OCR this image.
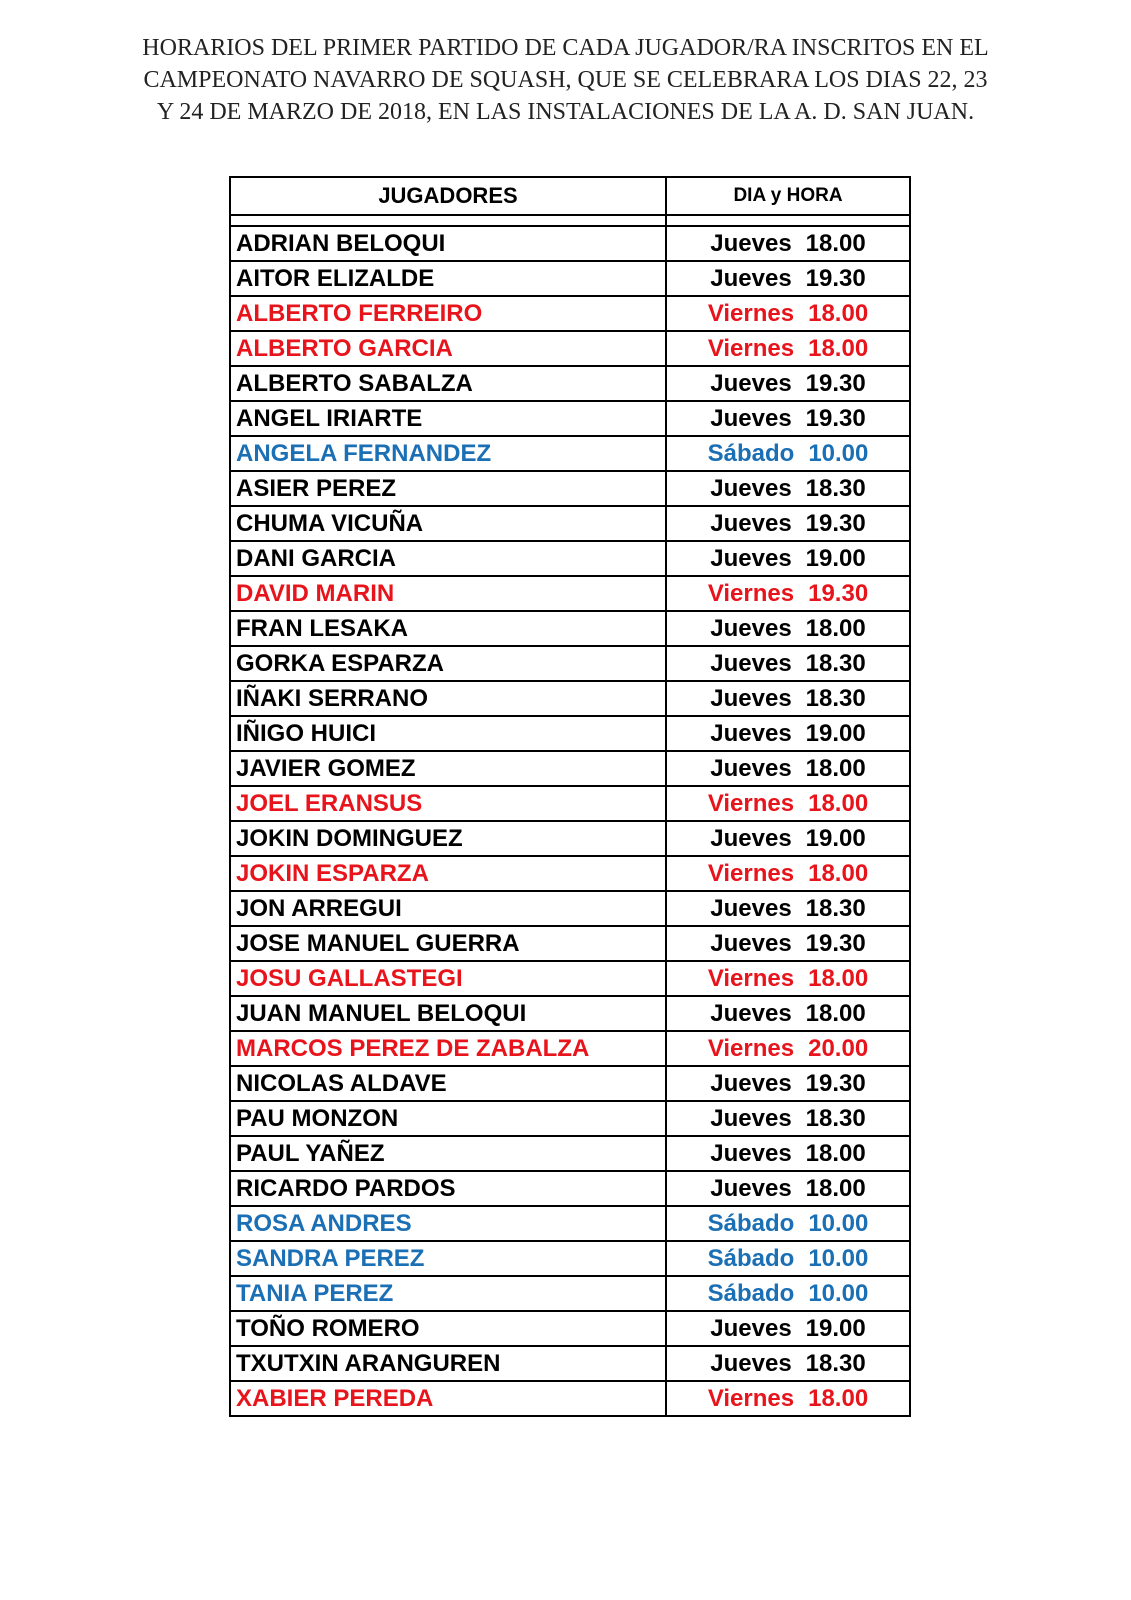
HORARIOS DEL PRIMER PARTIDO DE CADA JUGADOR/RA INSCRITOS EN EL
CAMPEONATO NAVARRO DE SQUASH, QUE SE CELEBRARA LOS DIAS 22, 23
Y 24 DE MARZO DE 2018, EN LAS INSTALACIONES DE LA A. D. SAN JUAN.
JUGADORES	DIA y HORA

ADRIAN BELOQUI	Jueves 18.00
AITOR ELIZALDE	Jueves 19.30
ALBERTO FERREIRO	Viernes 18.00
ALBERTO GARCIA	Viernes 18.00
ALBERTO SABALZA	Jueves 19.30
ANGEL IRIARTE	Jueves 19.30
ANGELA FERNANDEZ	Sábado 10.00
ASIER PEREZ	Jueves 18.30
CHUMA VICUÑA	Jueves 19.30
DANI GARCIA	Jueves 19.00
DAVID MARIN	Viernes 19.30
FRAN LESAKA	Jueves 18.00
GORKA ESPARZA	Jueves 18.30
IÑAKI SERRANO	Jueves 18.30
IÑIGO HUICI	Jueves 19.00
JAVIER GOMEZ	Jueves 18.00
JOEL ERANSUS	Viernes 18.00
JOKIN DOMINGUEZ	Jueves 19.00
JOKIN ESPARZA	Viernes 18.00
JON ARREGUI	Jueves 18.30
JOSE MANUEL GUERRA	Jueves 19.30
JOSU GALLASTEGI	Viernes 18.00
JUAN MANUEL BELOQUI	Jueves 18.00
MARCOS PEREZ DE ZABALZA	Viernes 20.00
NICOLAS ALDAVE	Jueves 19.30
PAU MONZON	Jueves 18.30
PAUL YAÑEZ	Jueves 18.00
RICARDO PARDOS	Jueves 18.00
ROSA ANDRES	Sábado 10.00
SANDRA PEREZ	Sábado 10.00
TANIA PEREZ	Sábado 10.00
TOÑO ROMERO	Jueves 19.00
TXUTXIN ARANGUREN	Jueves 18.30
XABIER PEREDA	Viernes 18.00
